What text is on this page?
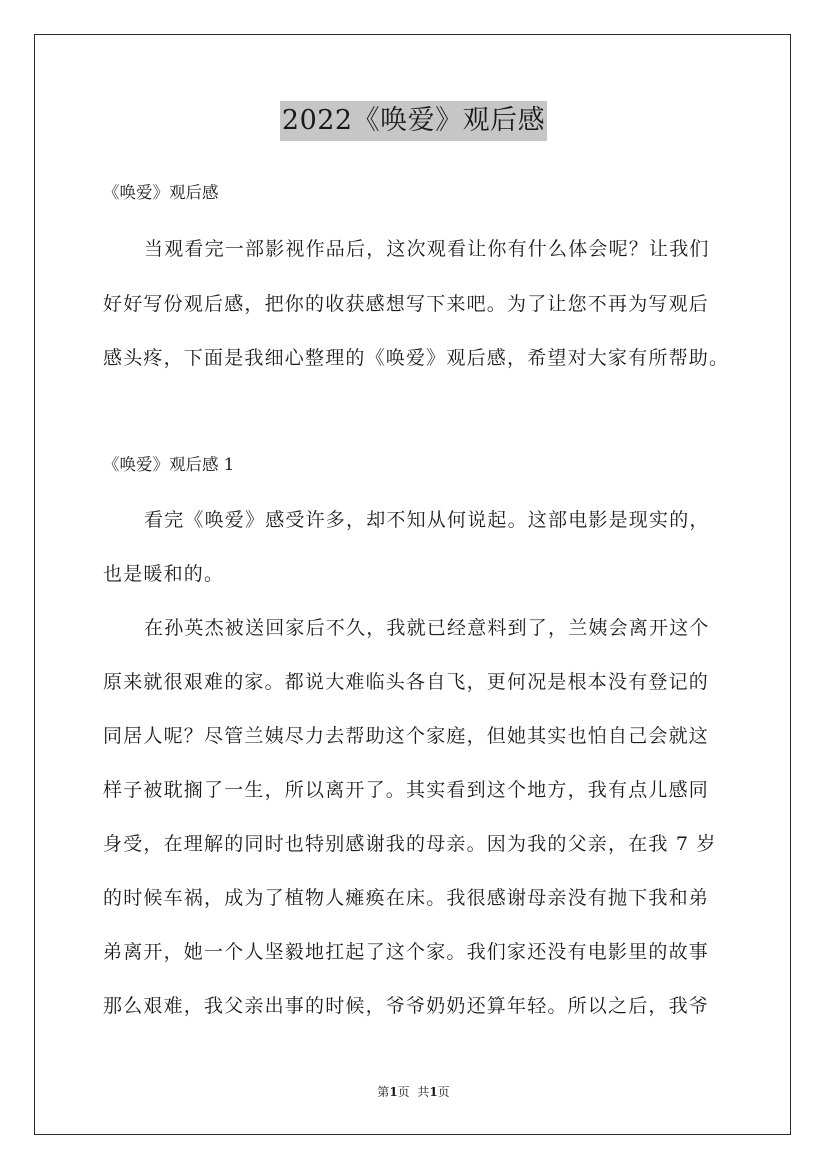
2022《唤爱》观后感
《唤爱》观后感
当观看完一部影视作品后，这次观看让你有什么体会呢？让我们
好好写份观后感，把你的收获感想写下来吧。为了让您不再为写观后
感头疼，下面是我细心整理的《唤爱》观后感，希望对大家有所帮助。
《唤爱》观后感 1
看完《唤爱》感受许多，却不知从何说起。这部电影是现实的，
也是暖和的。
在孙英杰被送回家后不久，我就已经意料到了，兰姨会离开这个
原来就很艰难的家。都说大难临头各自飞，更何况是根本没有登记的
同居人呢？尽管兰姨尽力去帮助这个家庭，但她其实也怕自己会就这
样子被耽搁了一生，所以离开了。其实看到这个地方，我有点儿感同
身受，在理解的同时也特别感谢我的母亲。因为我的父亲，在我 7 岁
的时候车祸，成为了植物人瘫痪在床。我很感谢母亲没有抛下我和弟
弟离开，她一个人坚毅地扛起了这个家。我们家还没有电影里的故事
那么艰难，我父亲出事的时候，爷爷奶奶还算年轻。所以之后，我爷
第1页  共1页
